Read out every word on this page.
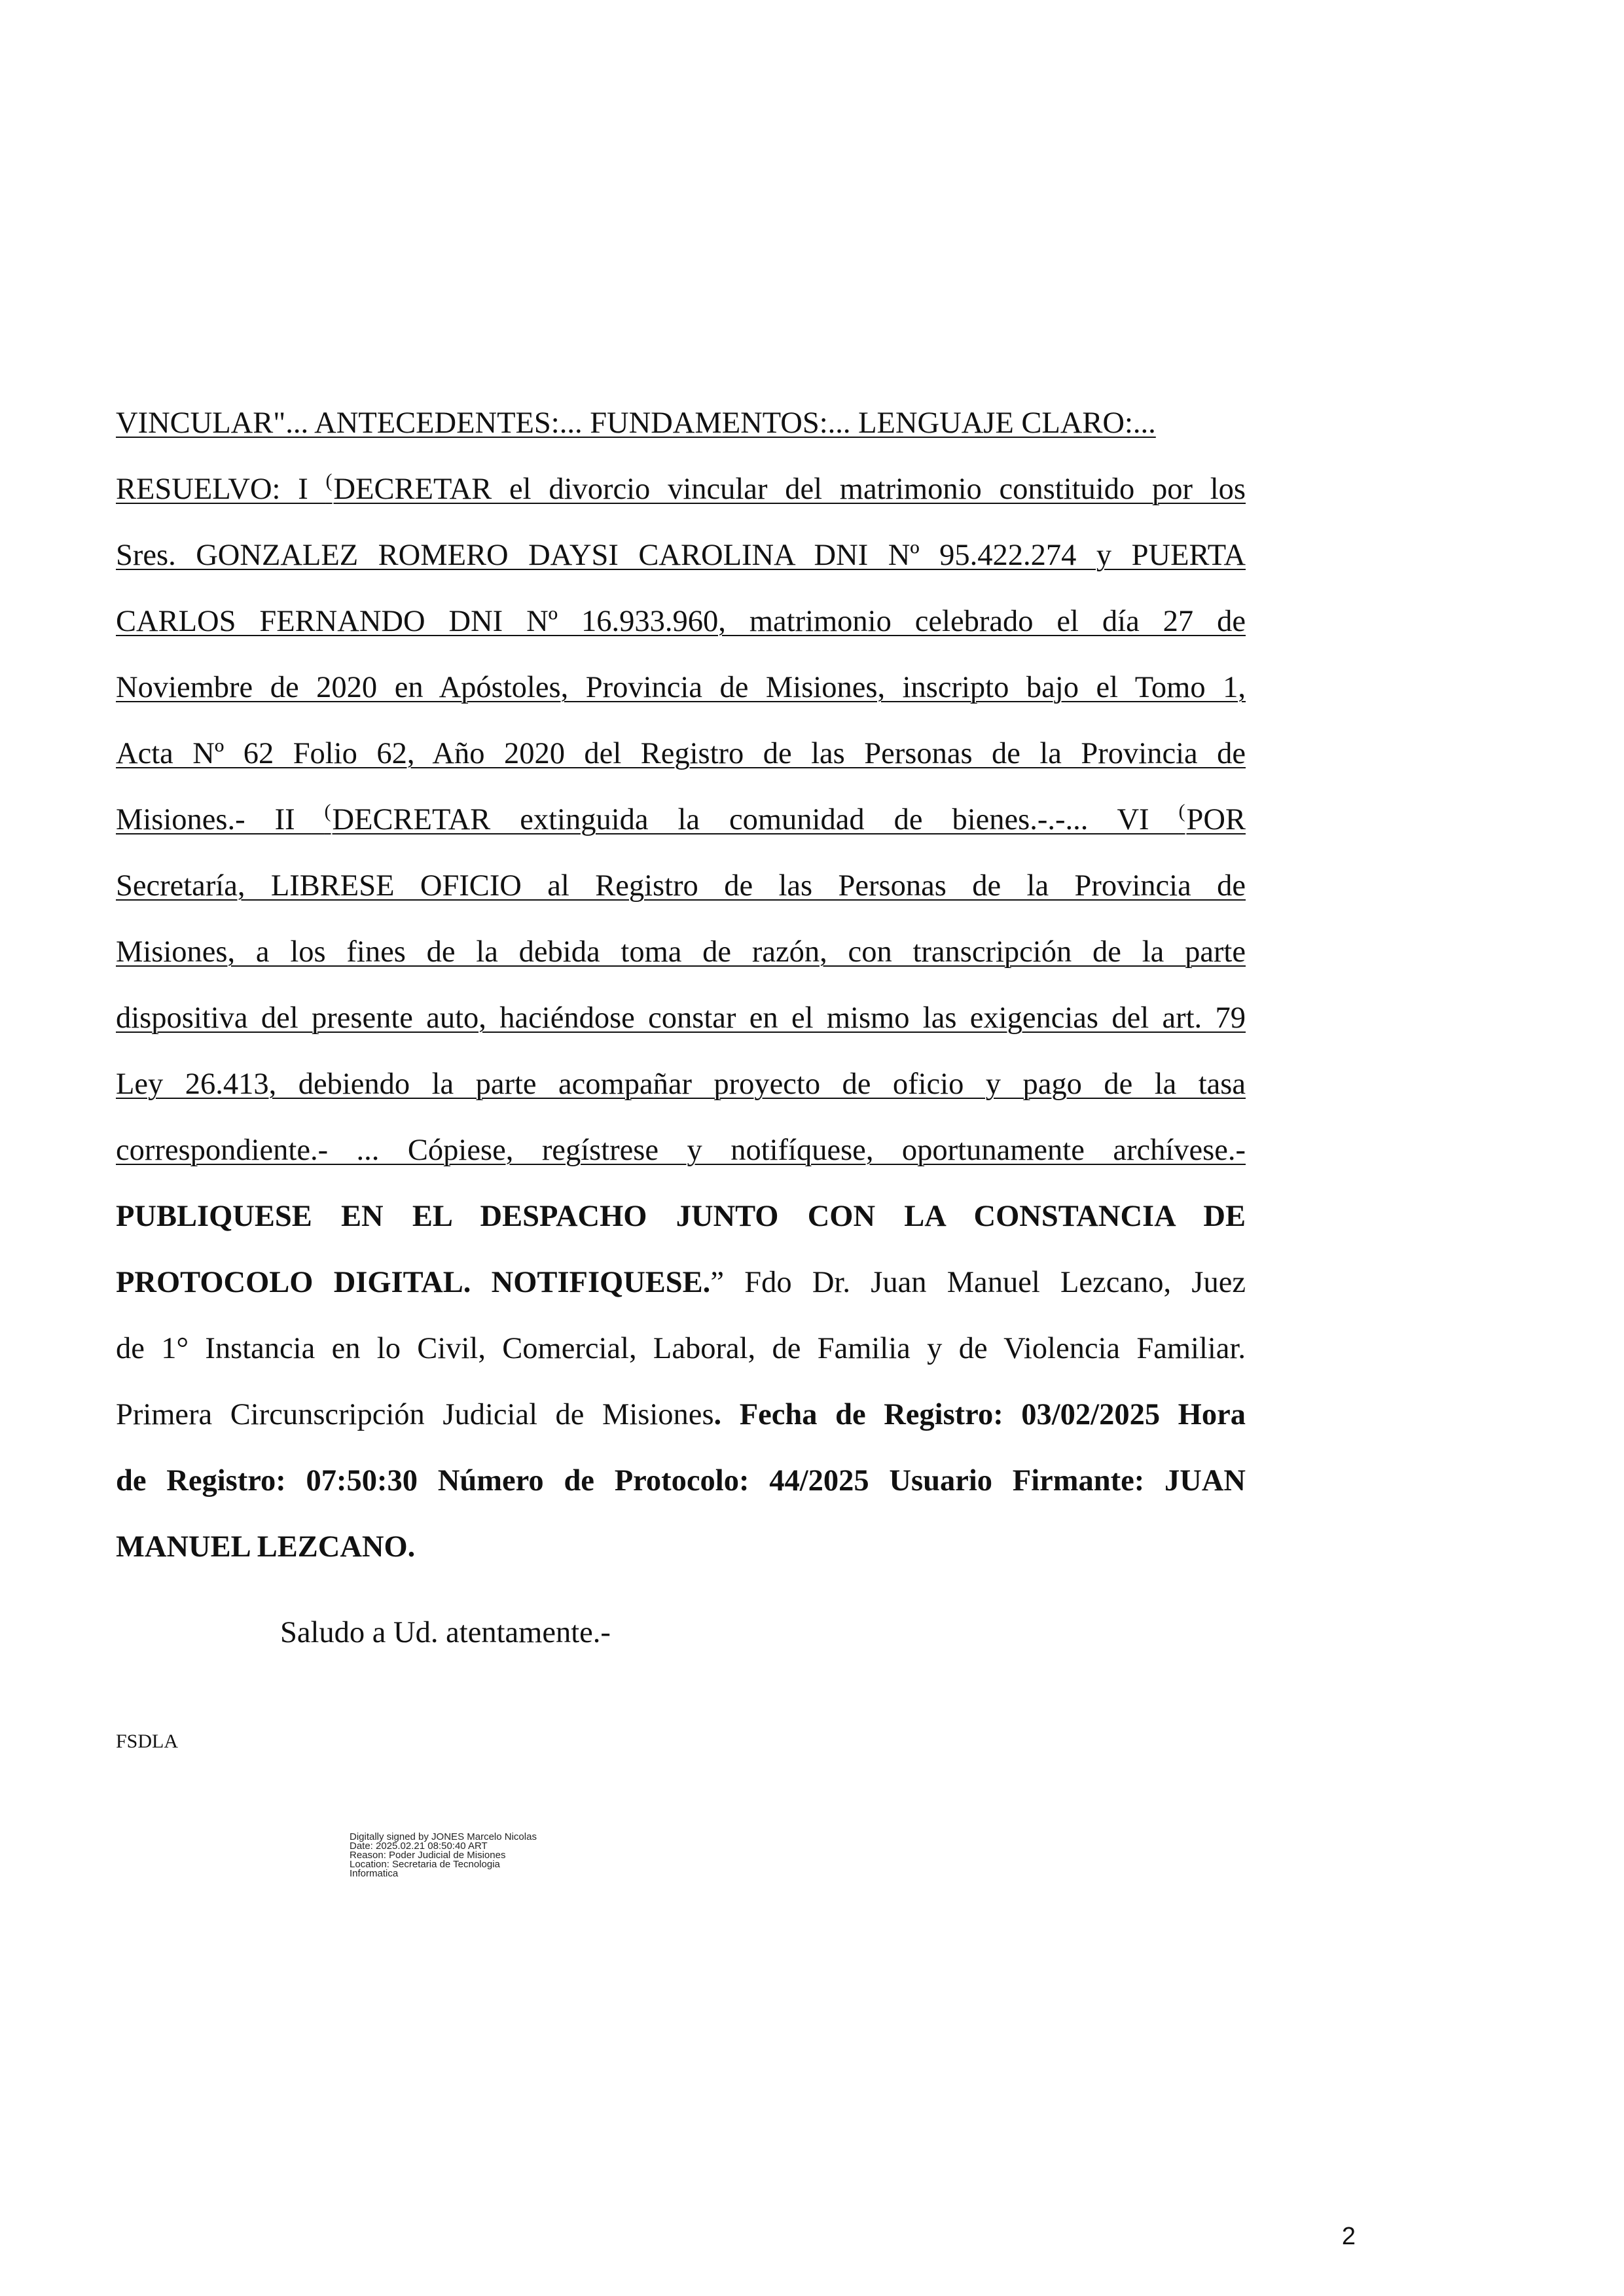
VINCULAR"... ANTECEDENTES:... FUNDAMENTOS:... LENGUAJE CLARO:...
RESUELVO: I (DECRETAR el divorcio vincular del matrimonio constituido por los
Sres. GONZALEZ ROMERO DAYSI CAROLINA DNI Nº 95.422.274 y PUERTA
CARLOS FERNANDO DNI Nº 16.933.960, matrimonio celebrado el día 27 de
Noviembre de 2020 en Apóstoles, Provincia de Misiones, inscripto bajo el Tomo 1,
Acta Nº 62 Folio 62, Año 2020 del Registro de las Personas de la Provincia de
Misiones.- II (DECRETAR extinguida la comunidad de bienes.-.-... VI (POR
Secretaría, LIBRESE OFICIO al Registro de las Personas de la Provincia de
Misiones, a los fines de la debida toma de razón, con transcripción de la parte
dispositiva del presente auto, haciéndose constar en el mismo las exigencias del art. 79
Ley 26.413, debiendo la parte acompañar proyecto de oficio y pago de la tasa
correspondiente.- ... Cópiese, regístrese y notifíquese, oportunamente archívese.-
PUBLIQUESE EN EL DESPACHO JUNTO CON LA CONSTANCIA DE
PROTOCOLO DIGITAL. NOTIFIQUESE.” Fdo Dr. Juan Manuel Lezcano, Juez
de 1° Instancia en lo Civil, Comercial, Laboral, de Familia y de Violencia Familiar.
Primera Circunscripción Judicial de Misiones. Fecha de Registro: 03/02/2025 Hora
de Registro: 07:50:30 Número de Protocolo: 44/2025 Usuario Firmante: JUAN
MANUEL LEZCANO.
Saludo a Ud. atentamente.-
FSDLA
Digitally signed by JONES Marcelo Nicolas
Date: 2025.02.21 08:50:40 ART
Reason: Poder Judicial de Misiones
Location: Secretaria de Tecnologia
Informatica
2
